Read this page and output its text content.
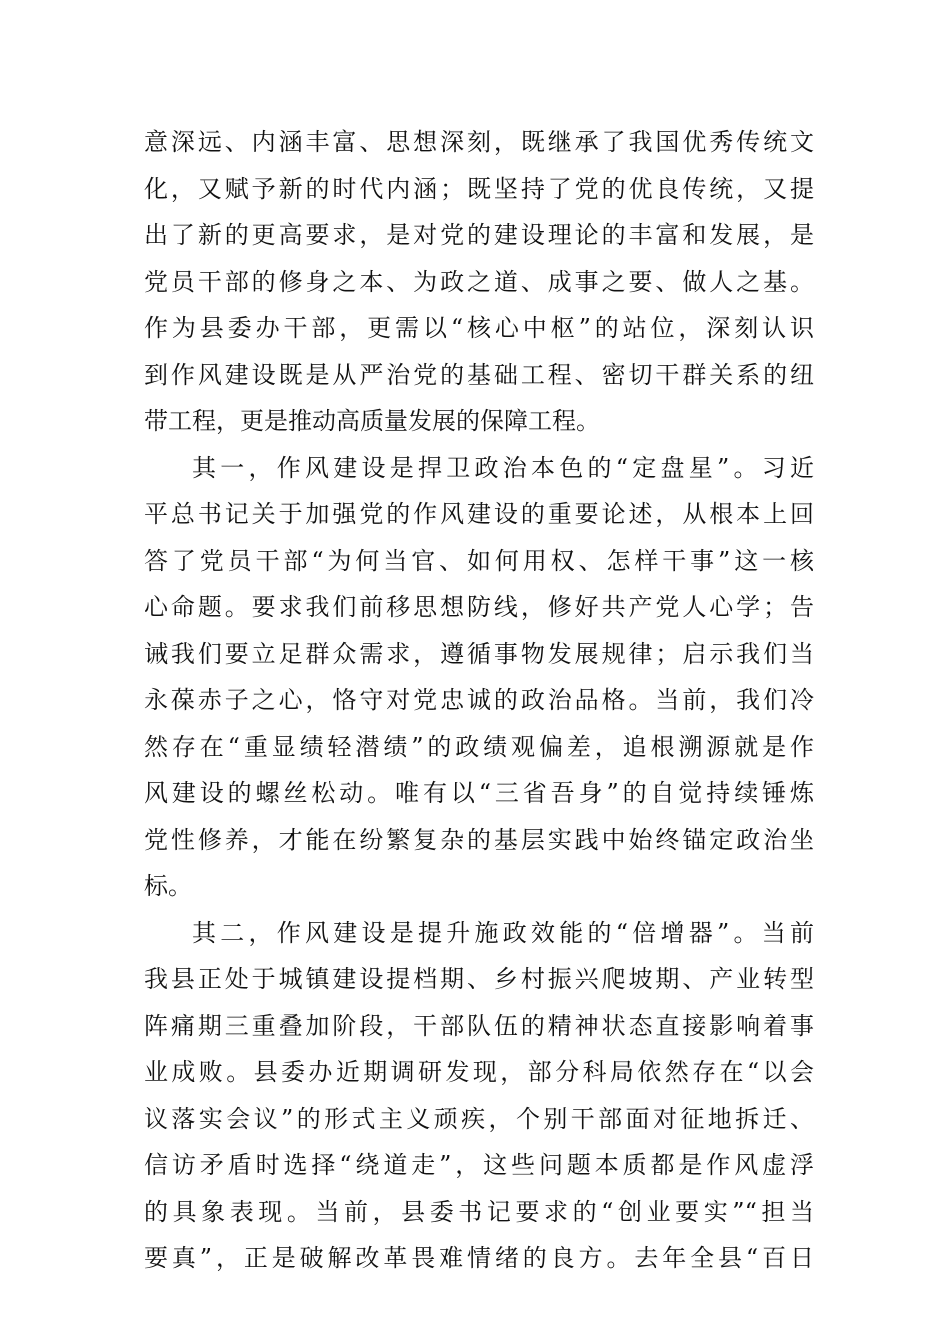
意深远、内涵丰富、思想深刻，既继承了我国优秀传统文
化，又赋予新的时代内涵；既坚持了党的优良传统，又提
出了新的更高要求，是对党的建设理论的丰富和发展，是
党员干部的修身之本、为政之道、成事之要、做人之基。
作为县委办干部，更需以“核心中枢”的站位，深刻认识
到作风建设既是从严治党的基础工程、密切干群关系的纽
带工程，更是推动高质量发展的保障工程。
其一，作风建设是捍卫政治本色的“定盘星”。习近
平总书记关于加强党的作风建设的重要论述，从根本上回
答了党员干部“为何当官、如何用权、怎样干事”这一核
心命题。要求我们前移思想防线，修好共产党人心学；告
诫我们要立足群众需求，遵循事物发展规律；启示我们当
永葆赤子之心，恪守对党忠诚的政治品格。当前，我们冷
然存在“重显绩轻潜绩”的政绩观偏差，追根溯源就是作
风建设的螺丝松动。唯有以“三省吾身”的自觉持续锤炼
党性修养，才能在纷繁复杂的基层实践中始终锚定政治坐
标。
其二，作风建设是提升施政效能的“倍增器”。当前
我县正处于城镇建设提档期、乡村振兴爬坡期、产业转型
阵痛期三重叠加阶段，干部队伍的精神状态直接影响着事
业成败。县委办近期调研发现，部分科局依然存在“以会
议落实会议”的形式主义顽疾，个别干部面对征地拆迁、
信访矛盾时选择“绕道走”，这些问题本质都是作风虚浮
的具象表现。当前，县委书记要求的“创业要实”“担当
要真”，正是破解改革畏难情绪的良方。去年全县“百日
